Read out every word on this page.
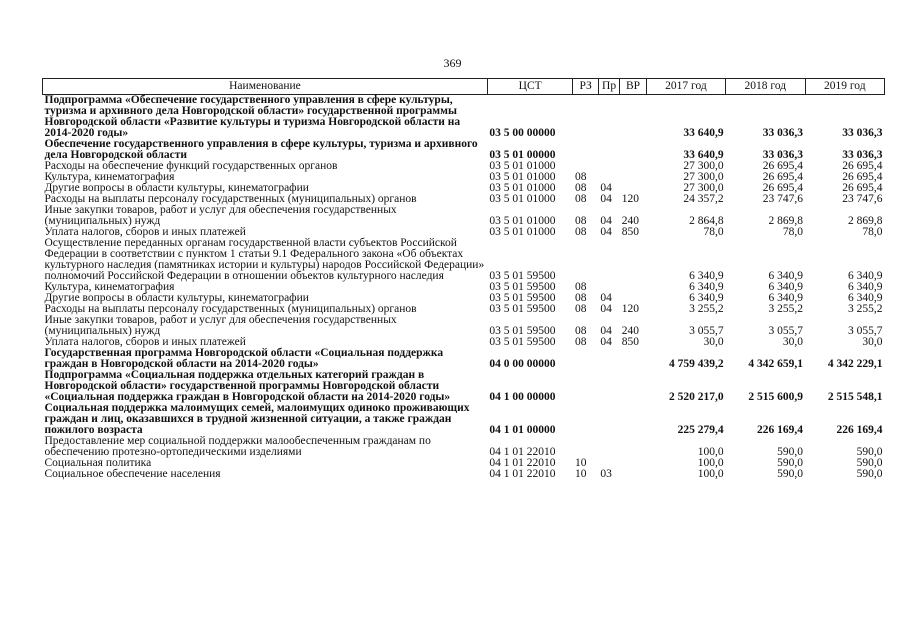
369
Наименование	ЦСТ	РЗ	Пр	ВР	2017 год	2018 год	2019 год
Подпрограмма «Обеспечение государственного управления в сфере культуры, туризма и архивного дела Новгородской области» государственной программы Новгородской области «Развитие культуры и туризма Новгородской области на 2014-2020 годы»	03 5 00 00000				33 640,9	33 036,3	33 036,3
Обеспечение государственного управления в сфере культуры, туризма и архивного дела Новгородской области	03 5 01 00000				33 640,9	33 036,3	33 036,3
Расходы на обеспечение функций государственных органов	03 5 01 01000				27 300,0	26 695,4	26 695,4
Культура, кинематография	03 5 01 01000	08			27 300,0	26 695,4	26 695,4
Другие вопросы в области культуры, кинематографии	03 5 01 01000	08	04		27 300,0	26 695,4	26 695,4
Расходы на выплаты персоналу государственных (муниципальных) органов	03 5 01 01000	08	04	120	24 357,2	23 747,6	23 747,6
Иные закупки товаров, работ и услуг для обеспечения государственных (муниципальных) нужд	03 5 01 01000	08	04	240	2 864,8	2 869,8	2 869,8
Уплата налогов, сборов и иных платежей	03 5 01 01000	08	04	850	78,0	78,0	78,0
Осуществление переданных органам государственной власти субъектов Российской Федерации в соответствии с пунктом 1 статьи 9.1 Федерального закона «Об объектах культурного наследия (памятниках истории и культуры) народов Российской Федерации» полномочий Российской Федерации в отношении объектов культурного наследия	03 5 01 59500				6 340,9	6 340,9	6 340,9
Культура, кинематография	03 5 01 59500	08			6 340,9	6 340,9	6 340,9
Другие вопросы в области культуры, кинематографии	03 5 01 59500	08	04		6 340,9	6 340,9	6 340,9
Расходы на выплаты персоналу государственных (муниципальных) органов	03 5 01 59500	08	04	120	3 255,2	3 255,2	3 255,2
Иные закупки товаров, работ и услуг для обеспечения государственных (муниципальных) нужд	03 5 01 59500	08	04	240	3 055,7	3 055,7	3 055,7
Уплата налогов, сборов и иных платежей	03 5 01 59500	08	04	850	30,0	30,0	30,0
Государственная программа Новгородской области «Социальная поддержка граждан в Новгородской области на 2014-2020 годы»	04 0 00 00000				4 759 439,2	4 342 659,1	4 342 229,1
Подпрограмма «Социальная поддержка отдельных категорий граждан в Новгородской области» государственной программы Новгородской области «Социальная поддержка граждан в Новгородской области на 2014-2020 годы»	04 1 00 00000				2 520 217,0	2 515 600,9	2 515 548,1
Социальная поддержка малоимущих семей, малоимущих одиноко проживающих граждан и лиц, оказавшихся в трудной жизненной ситуации, а также граждан пожилого возраста	04 1 01 00000				225 279,4	226 169,4	226 169,4
Предоставление мер социальной поддержки малообеспеченным гражданам по обеспечению протезно-ортопедическими изделиями	04 1 01 22010				100,0	590,0	590,0
Социальная политика	04 1 01 22010	10			100,0	590,0	590,0
Социальное обеспечение населения	04 1 01 22010	10	03		100,0	590,0	590,0
